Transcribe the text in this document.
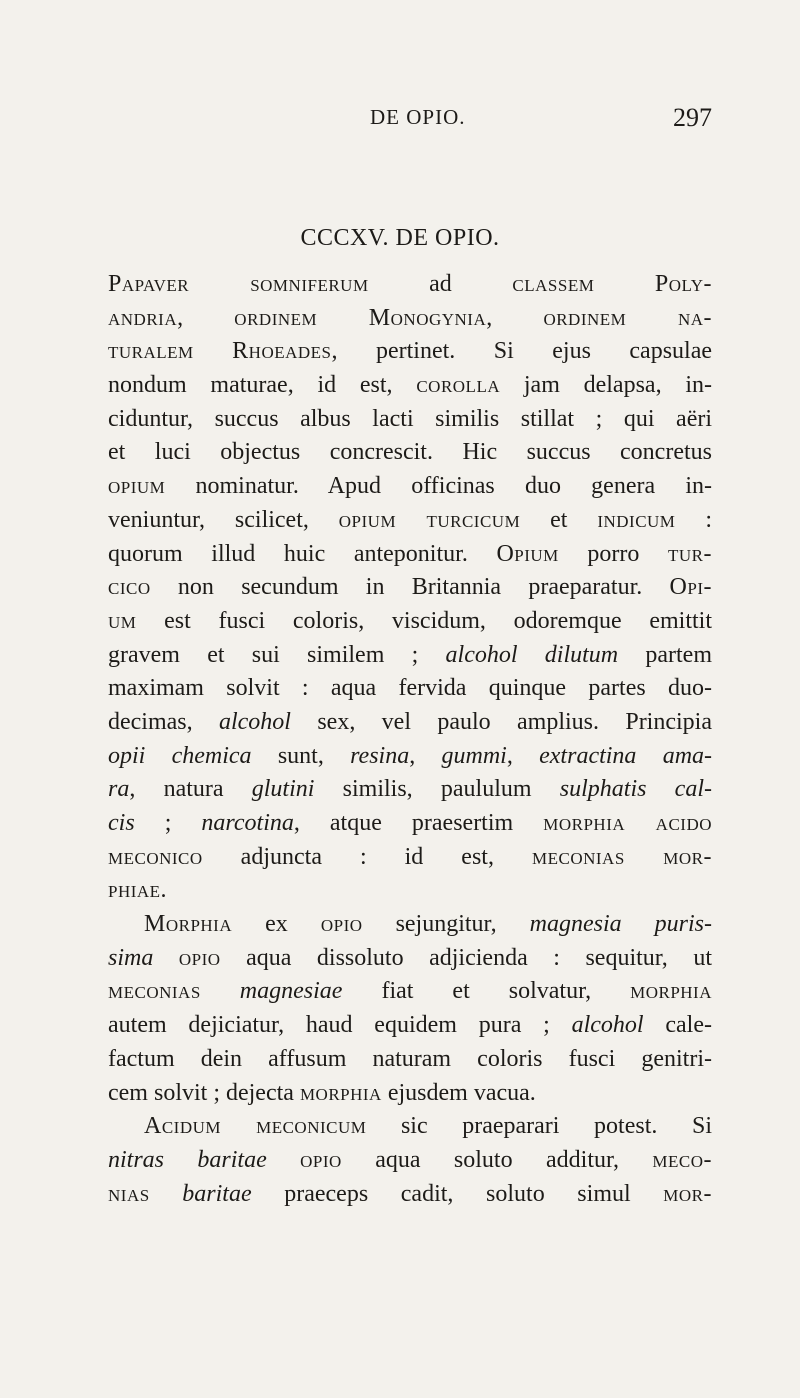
DE OPIO.	297
CCCXV. DE OPIO.
Papaver somniferum ad classem	Poly-
andria, ordinem Monogynia, ordinem na-
turalem Rhoeades, pertinet. Si ejus capsulae
nondum maturae, id est, corolla jam delapsa, in-
ciduntur, succus albus lacti similis stillat ; qui aëri
et luci objectus concrescit. Hic succus concretus
opium nominatur. Apud officinas duo genera in-
veniuntur, scilicet, opium turcicum et indicum :
quorum illud huic anteponitur. Opium porro tur-
cico non secundum in Britannia praeparatur. Opi-
um est fusci coloris, viscidum, odoremque emittit
gravem et sui similem ; alcohol dilutum partem
maximam solvit : aqua fervida quinque partes duo-
decimas, alcohol sex, vel paulo amplius. Principia
opii chemica sunt, resina, gummi, extractina ama-
ra, natura glutini similis, paululum sulphatis cal-
cis ; narcotina, atque praesertim morphia acido
meconico adjuncta : id est, meconias mor-
phiae.
Morphia ex opio sejungitur, magnesia puris-
sima opio aqua dissoluto adjicienda : sequitur, ut
meconias magnesiae fiat et solvatur, morphia
autem dejiciatur, haud equidem pura ; alcohol cale-
factum dein affusum naturam coloris fusci genitri-
cem solvit ; dejecta morphia ejusdem vacua.
Acidum meconicum sic praeparari potest. Si
nitras baritae opio aqua soluto additur, meco-
nias baritae praeceps cadit, soluto simul mor-
